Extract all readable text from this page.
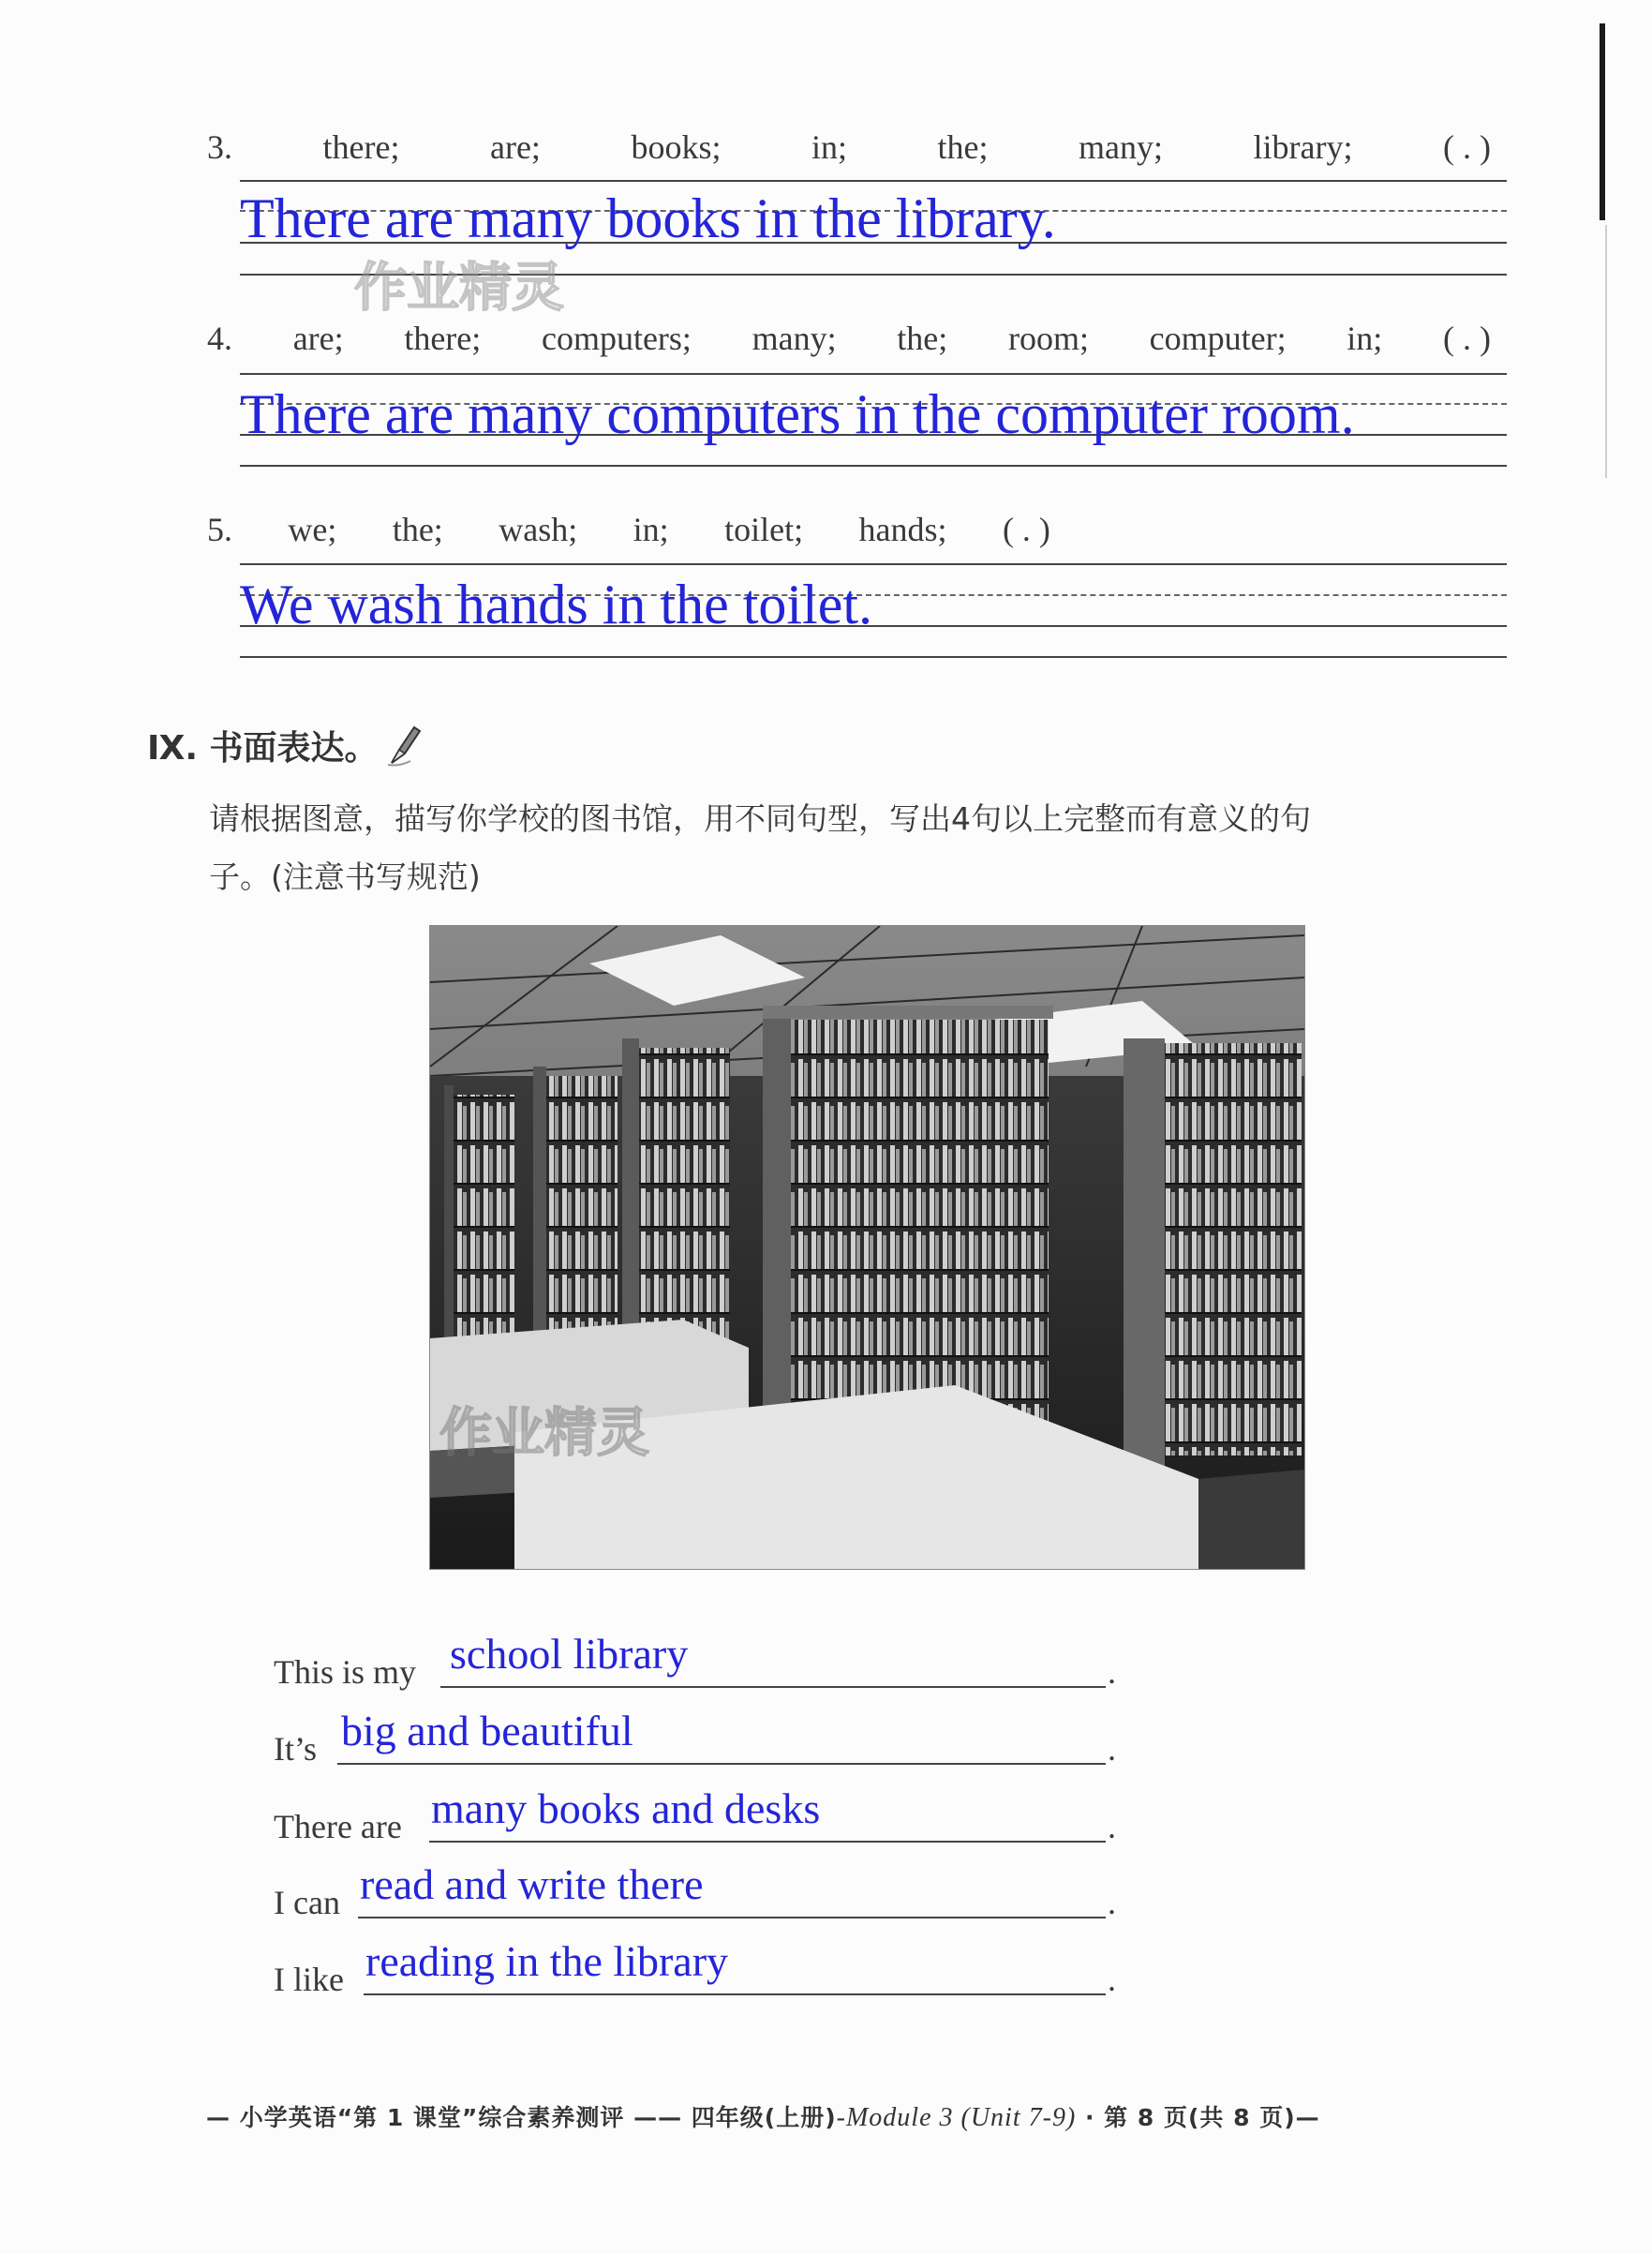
3.	there;	are;	books;	in;	the;	many;	library;	( . )
There are many books in the library.
作业精灵
4. are; there; computers; many; the; room; computer; in; ( . )
There are many computers in the computer room.
5. we; the; wash; in; toilet; hands; ( . )
We wash hands in the toilet.
Ⅸ. 书面表达。
请根据图意，描写你学校的图书馆，用不同句型，写出4句以上完整而有意义的句
子。(注意书写规范)
作业精灵
This is my school library	.
It’s big and beautiful	.
There are many books and desks	.
I can read and write there	.
I like reading in the library	.
— 小学英语“第 1 课堂”综合素养测评 —— 四年级(上册)-Module 3 (Unit 7-9) · 第 8 页(共 8 页)—
